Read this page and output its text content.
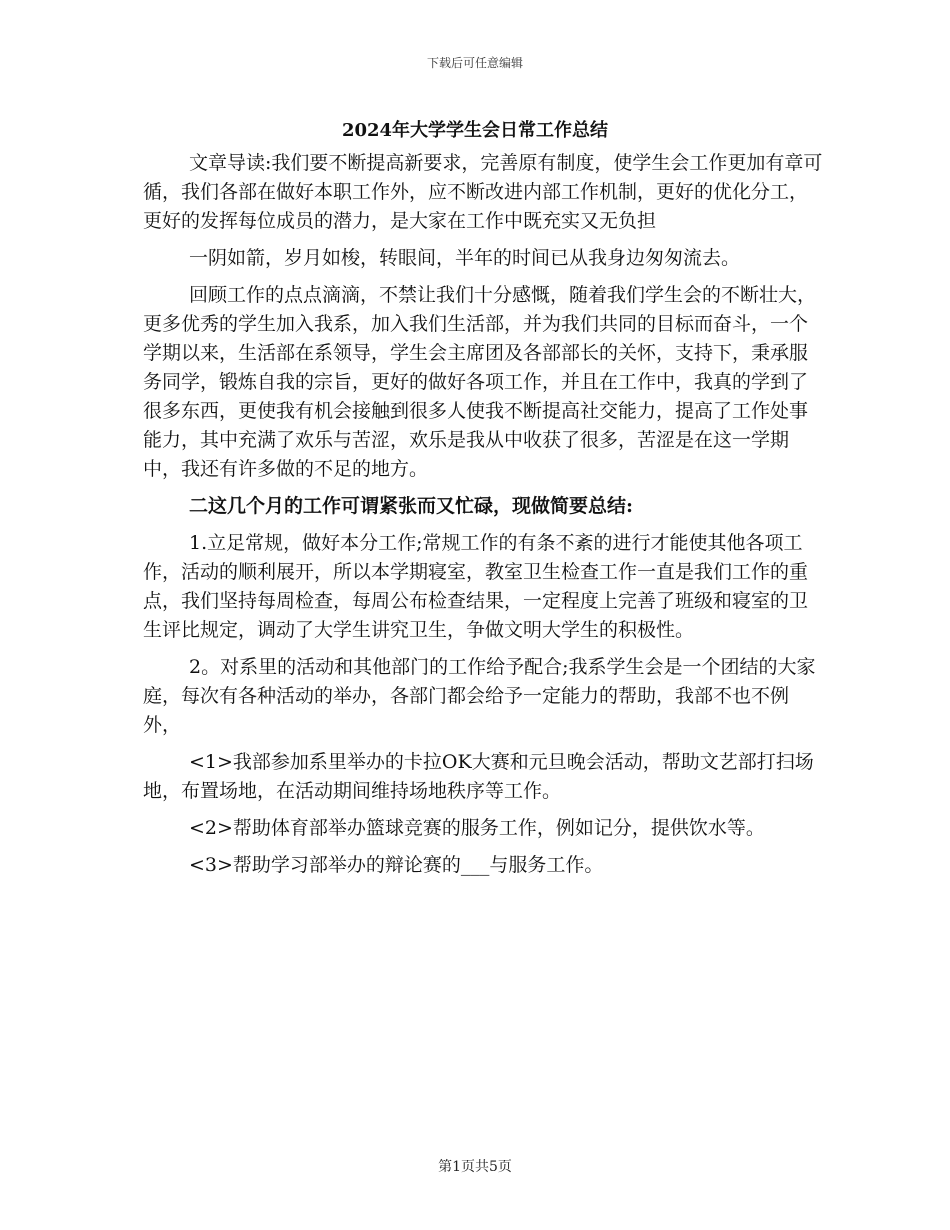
下载后可任意编辑
2024年大学学生会日常工作总结

文章导读:我们要不断提高新要求，完善原有制度，使学生会工作更加有章可循，我们各部在做好本职工作外，应不断改进内部工作机制，更好的优化分工，更好的发挥每位成员的潜力，是大家在工作中既充实又无负担

一阴如箭，岁月如梭，转眼间，半年的时间已从我身边匆匆流去。

回顾工作的点点滴滴，不禁让我们十分感慨，随着我们学生会的不断壮大，更多优秀的学生加入我系，加入我们生活部，并为我们共同的目标而奋斗，一个学期以来，生活部在系领导，学生会主席团及各部部长的关怀，支持下，秉承服务同学，锻炼自我的宗旨，更好的做好各项工作，并且在工作中，我真的学到了很多东西，更使我有机会接触到很多人使我不断提高社交能力，提高了工作处事能力，其中充满了欢乐与苦涩，欢乐是我从中收获了很多，苦涩是在这一学期中，我还有许多做的不足的地方。

二这几个月的工作可谓紧张而又忙碌，现做简要总结:

1.立足常规，做好本分工作;常规工作的有条不紊的进行才能使其他各项工作，活动的顺利展开，所以本学期寝室，教室卫生检查工作一直是我们工作的重点，我们坚持每周检查，每周公布检查结果，一定程度上完善了班级和寝室的卫生评比规定，调动了大学生讲究卫生，争做文明大学生的积极性。

2。对系里的活动和其他部门的工作给予配合;我系学生会是一个团结的大家庭，每次有各种活动的举办，各部门都会给予一定能力的帮助，我部不也不例外，

<1>我部参加系里举办的卡拉OK大赛和元旦晚会活动，帮助文艺部打扫场地，布置场地，在活动期间维持场地秩序等工作。

<2>帮助体育部举办篮球竞赛的服务工作，例如记分，提供饮水等。

<3>帮助学习部举办的辩论赛的___与服务工作。

第1页共5页
